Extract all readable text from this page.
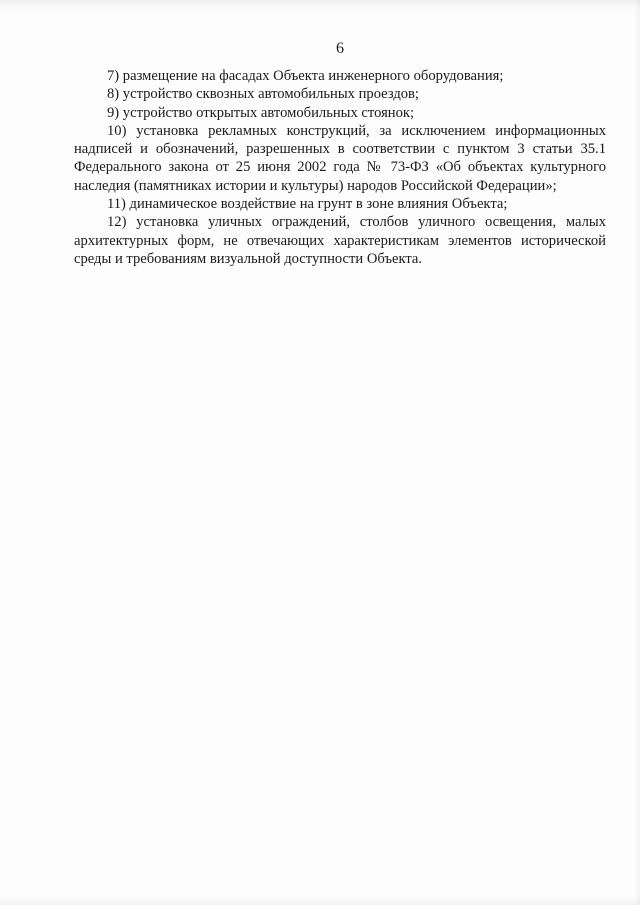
6

7) размещение на фасадах Объекта инженерного оборудования;

8) устройство сквозных автомобильных проездов;

9) устройство открытых автомобильных стоянок;

10) установка рекламных конструкций, за исключением информационных надписей и обозначений, разрешенных в соответствии с пунктом 3 статьи 35.1 Федерального закона от 25 июня 2002 года № 73-ФЗ «Об объектах культурного наследия (памятниках истории и культуры) народов Российской Федерации»;

11) динамическое воздействие на грунт в зоне влияния Объекта;

12) установка уличных ограждений, столбов уличного освещения, малых архитектурных форм, не отвечающих характеристикам элементов исторической среды и требованиям визуальной доступности Объекта.
